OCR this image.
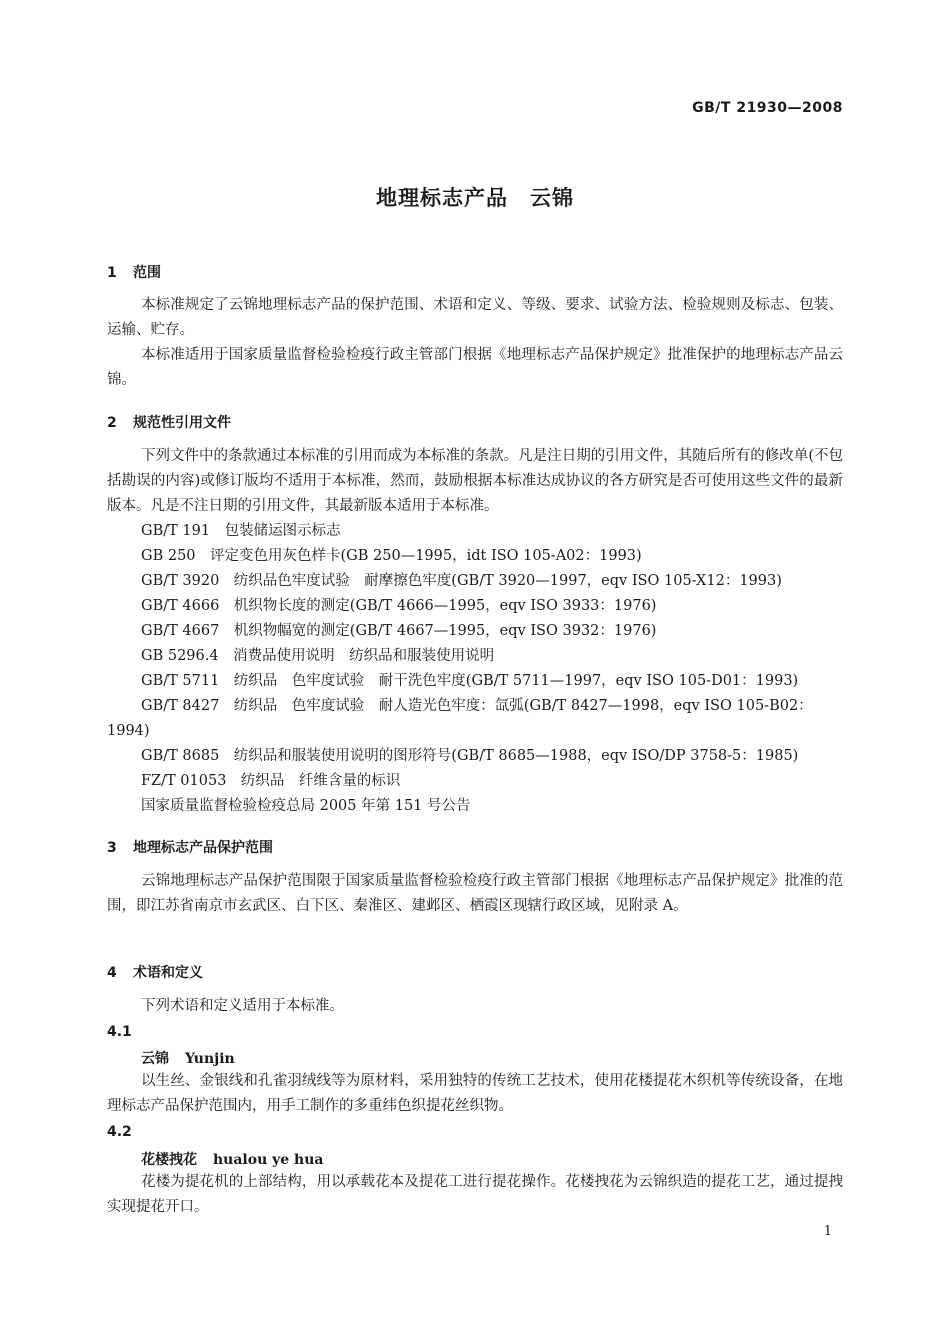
GB/T 21930—2008
地理标志产品　云锦
1 范围

本标准规定了云锦地理标志产品的保护范围、术语和定义、等级、要求、试验方法、检验规则及标志、包装、运输、贮存。

本标准适用于国家质量监督检验检疫行政主管部门根据《地理标志产品保护规定》批准保护的地理标志产品云锦。

2 规范性引用文件

下列文件中的条款通过本标准的引用而成为本标准的条款。凡是注日期的引用文件，其随后所有的修改单(不包括勘误的内容)或修订版均不适用于本标准，然而，鼓励根据本标准达成协议的各方研究是否可使用这些文件的最新版本。凡是不注日期的引用文件，其最新版本适用于本标准。

GB/T 191　包装储运图示标志
GB 250　评定变色用灰色样卡(GB 250—1995，idt ISO 105-A02：1993)
GB/T 3920　纺织品色牢度试验　耐摩擦色牢度(GB/T 3920—1997，eqv ISO 105-X12：1993)
GB/T 4666　机织物长度的测定(GB/T 4666—1995，eqv ISO 3933：1976)
GB/T 4667　机织物幅宽的测定(GB/T 4667—1995，eqv ISO 3932：1976)
GB 5296.4　消费品使用说明　纺织品和服装使用说明
GB/T 5711　纺织品　色牢度试验　耐干洗色牢度(GB/T 5711—1997，eqv ISO 105-D01：1993)
GB/T 8427　纺织品　色牢度试验　耐人造光色牢度：氙弧(GB/T 8427—1998，eqv ISO 105-B02：
1994)
GB/T 8685　纺织品和服装使用说明的图形符号(GB/T 8685—1988，eqv ISO/DP 3758-5：1985)
FZ/T 01053　纺织品　纤维含量的标识
国家质量监督检验检疫总局 2005 年第 151 号公告
3 地理标志产品保护范围

云锦地理标志产品保护范围限于国家质量监督检验检疫行政主管部门根据《地理标志产品保护规定》批准的范围，即江苏省南京市玄武区、白下区、秦淮区、建邺区、栖霞区现辖行政区域，见附录 A。

4 术语和定义

下列术语和定义适用于本标准。

4.1
云锦 Yunjin

以生丝、金银线和孔雀羽绒线等为原材料，采用独特的传统工艺技术，使用花楼提花木织机等传统设备，在地理标志产品保护范围内，用手工制作的多重纬色织提花丝织物。

4.2
花楼拽花 hualou ye hua

花楼为提花机的上部结构，用以承载花本及提花工进行提花操作。花楼拽花为云锦织造的提花工艺，通过提拽实现提花开口。

1
